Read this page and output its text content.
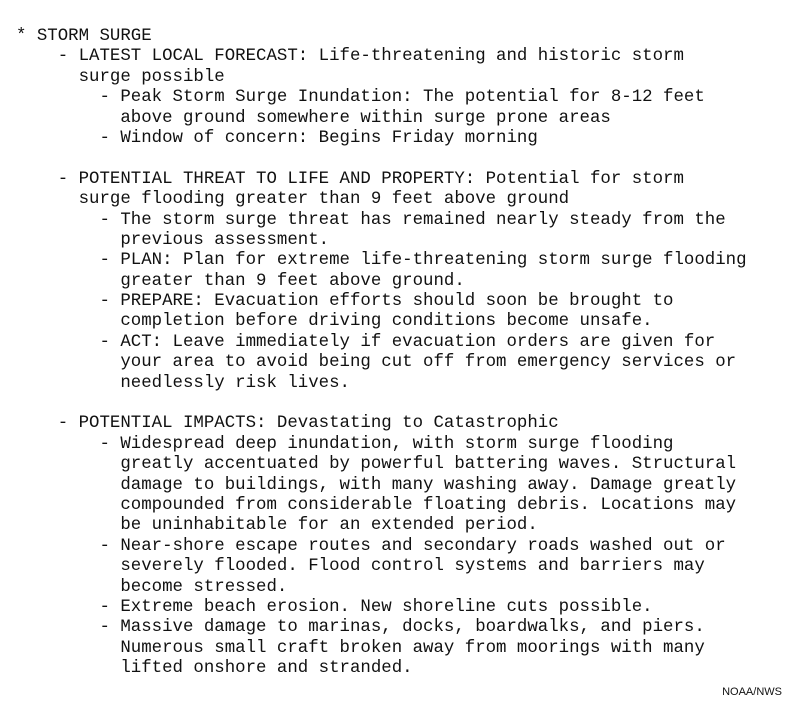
* STORM SURGE
- LATEST LOCAL FORECAST: Life-threatening and historic storm
surge possible
- Peak Storm Surge Inundation: The potential for 8-12 feet
above ground somewhere within surge prone areas
- Window of concern: Begins Friday morning
- POTENTIAL THREAT TO LIFE AND PROPERTY: Potential for storm
surge flooding greater than 9 feet above ground
- The storm surge threat has remained nearly steady from the
previous assessment.
- PLAN: Plan for extreme life-threatening storm surge flooding
greater than 9 feet above ground.
- PREPARE: Evacuation efforts should soon be brought to
completion before driving conditions become unsafe.
- ACT: Leave immediately if evacuation orders are given for
your area to avoid being cut off from emergency services or
needlessly risk lives.
- POTENTIAL IMPACTS: Devastating to Catastrophic
- Widespread deep inundation, with storm surge flooding
greatly accentuated by powerful battering waves. Structural
damage to buildings, with many washing away. Damage greatly
compounded from considerable floating debris. Locations may
be uninhabitable for an extended period.
- Near-shore escape routes and secondary roads washed out or
severely flooded. Flood control systems and barriers may
become stressed.
- Extreme beach erosion. New shoreline cuts possible.
- Massive damage to marinas, docks, boardwalks, and piers.
Numerous small craft broken away from moorings with many
lifted onshore and stranded.
NOAA/NWS
